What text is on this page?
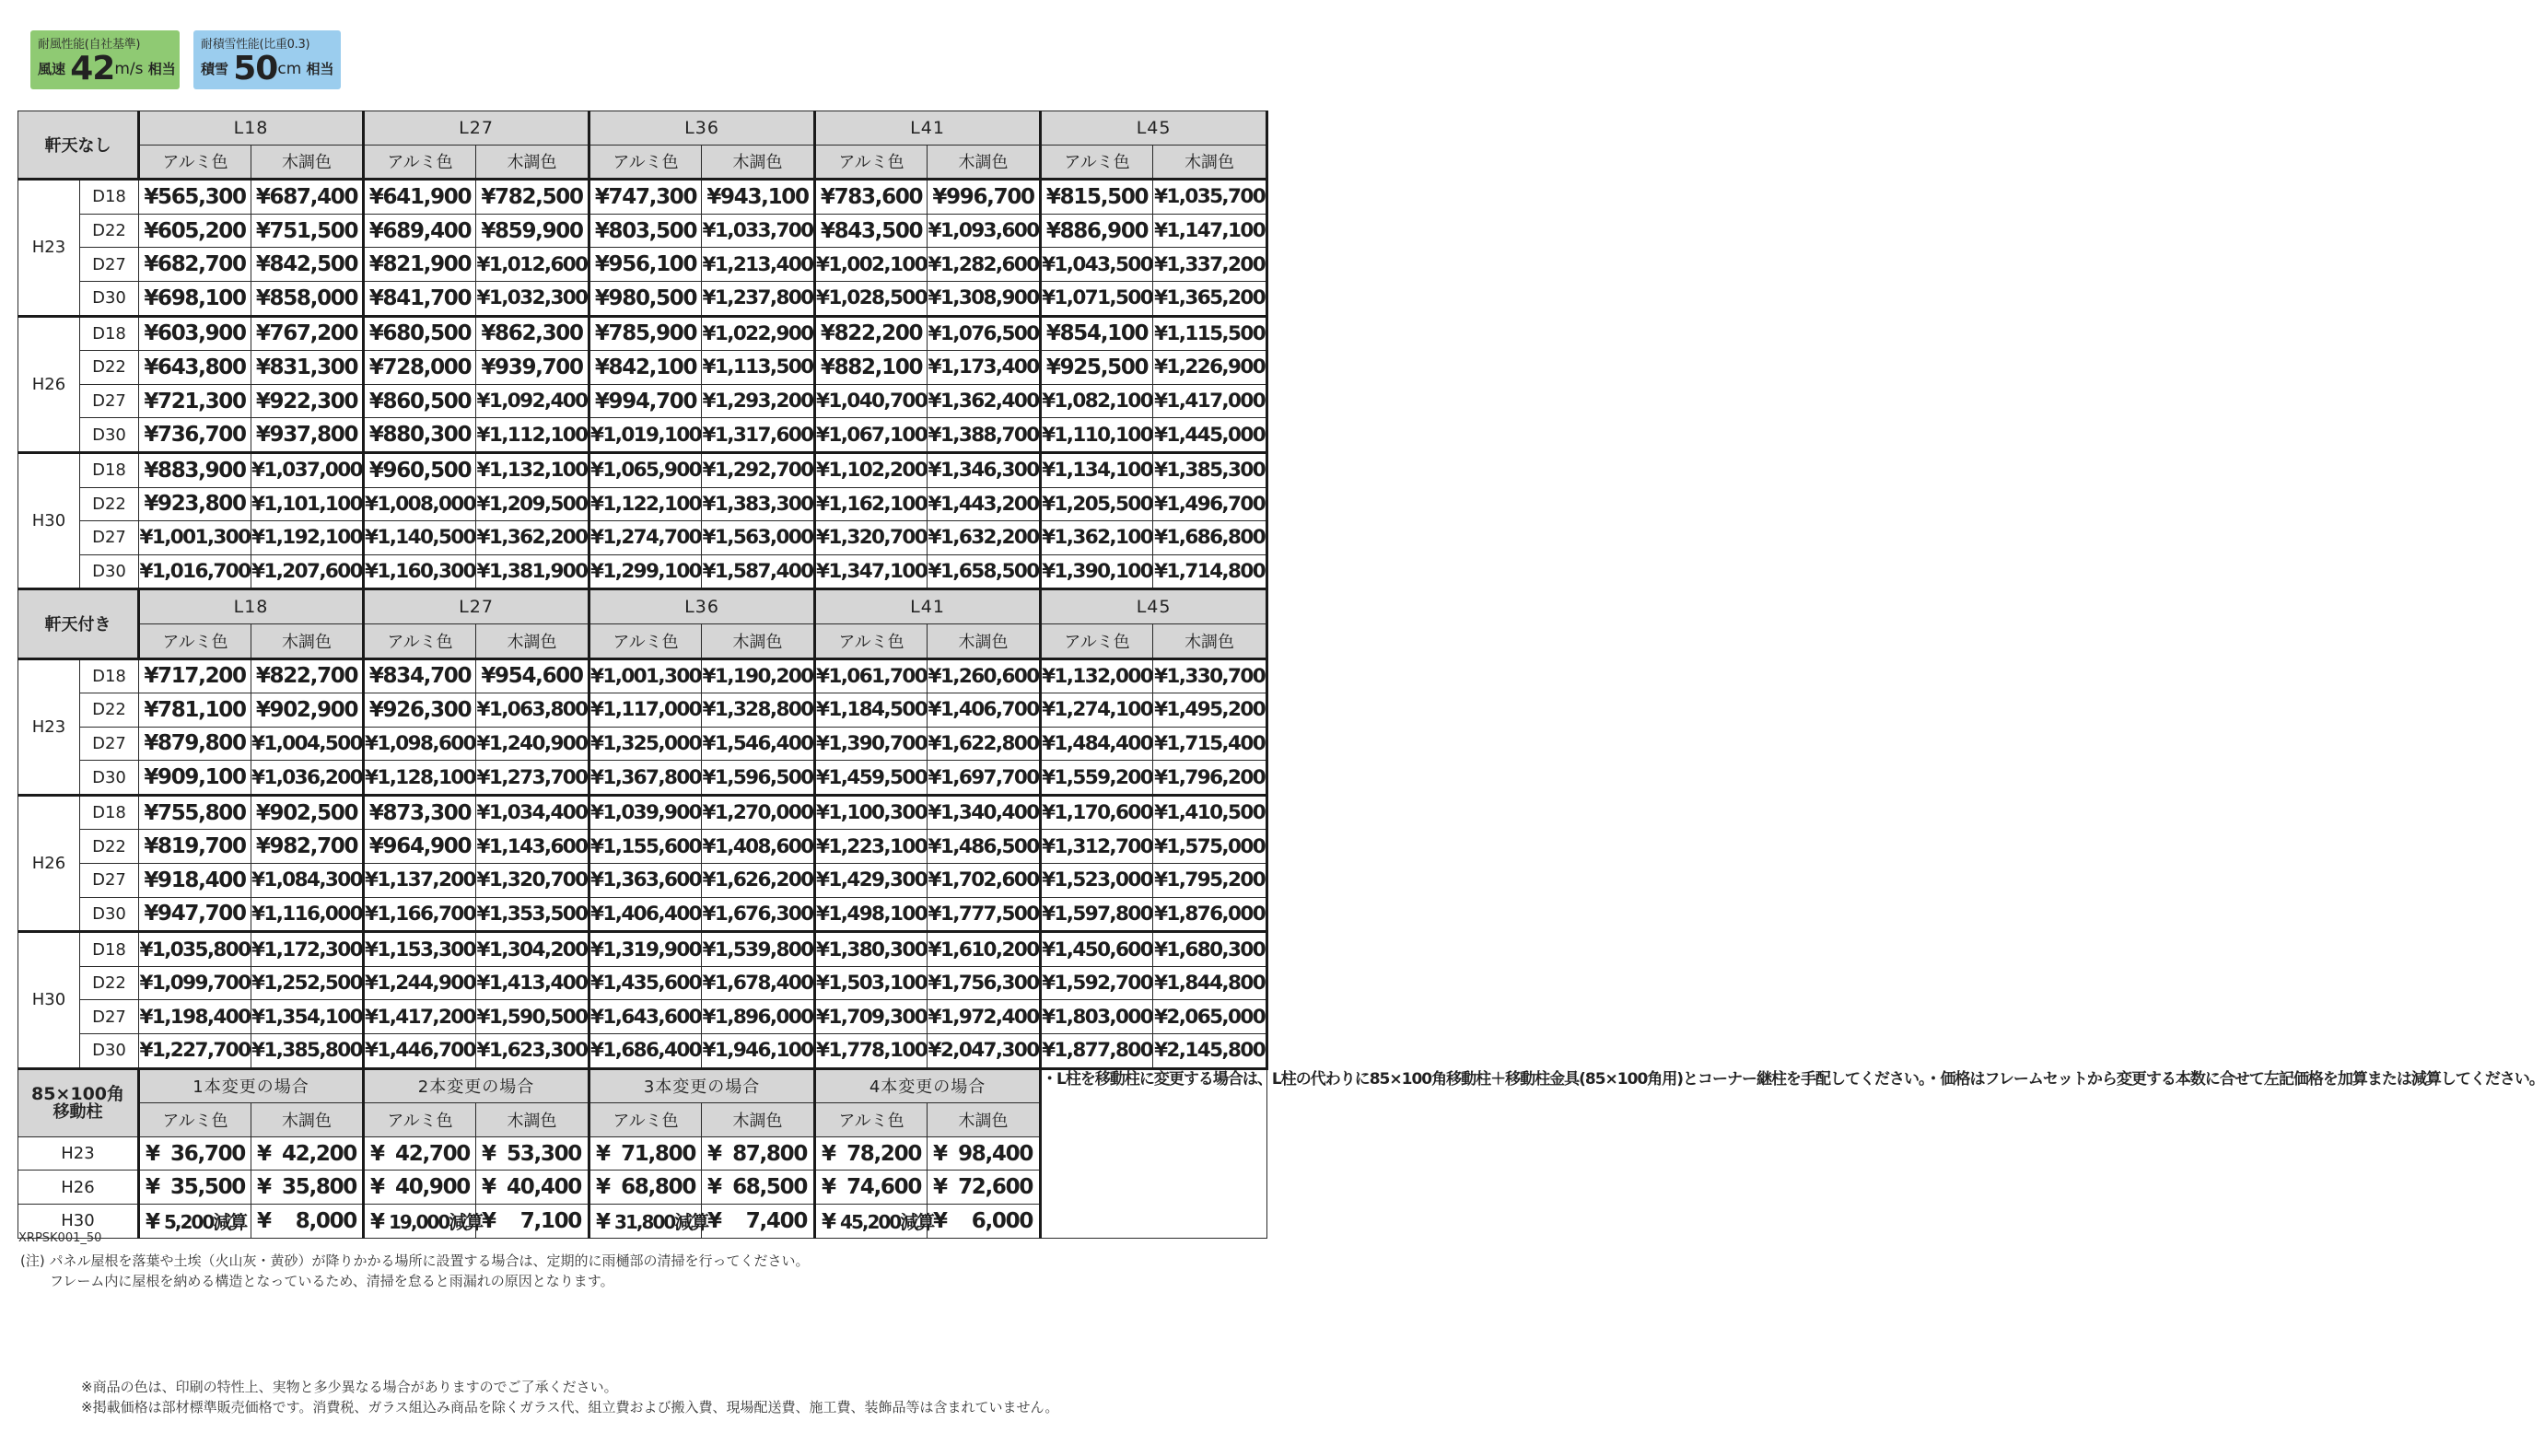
耐風性能(自社基準)
風速 42m/s 相当
耐積雪性能(比重0.3)
積雪 50cm 相当
軒天なし		L18		L27		L36		L41		L45	
		アルミ色	木調色	アルミ色	木調色	アルミ色	木調色	アルミ色	木調色	アルミ色	木調色
H23	D18	¥565,300	¥687,400	¥641,900	¥782,500	¥747,300	¥943,100	¥783,600	¥996,700	¥815,500	¥1,035,700
	D22	¥605,200	¥751,500	¥689,400	¥859,900	¥803,500	¥1,033,700	¥843,500	¥1,093,600	¥886,900	¥1,147,100
	D27	¥682,700	¥842,500	¥821,900	¥1,012,600	¥956,100	¥1,213,400	¥1,002,100	¥1,282,600	¥1,043,500	¥1,337,200
	D30	¥698,100	¥858,000	¥841,700	¥1,032,300	¥980,500	¥1,237,800	¥1,028,500	¥1,308,900	¥1,071,500	¥1,365,200
H26	D18	¥603,900	¥767,200	¥680,500	¥862,300	¥785,900	¥1,022,900	¥822,200	¥1,076,500	¥854,100	¥1,115,500
	D22	¥643,800	¥831,300	¥728,000	¥939,700	¥842,100	¥1,113,500	¥882,100	¥1,173,400	¥925,500	¥1,226,900
	D27	¥721,300	¥922,300	¥860,500	¥1,092,400	¥994,700	¥1,293,200	¥1,040,700	¥1,362,400	¥1,082,100	¥1,417,000
	D30	¥736,700	¥937,800	¥880,300	¥1,112,100	¥1,019,100	¥1,317,600	¥1,067,100	¥1,388,700	¥1,110,100	¥1,445,000
H30	D18	¥883,900	¥1,037,000	¥960,500	¥1,132,100	¥1,065,900	¥1,292,700	¥1,102,200	¥1,346,300	¥1,134,100	¥1,385,300
	D22	¥923,800	¥1,101,100	¥1,008,000	¥1,209,500	¥1,122,100	¥1,383,300	¥1,162,100	¥1,443,200	¥1,205,500	¥1,496,700
	D27	¥1,001,300	¥1,192,100	¥1,140,500	¥1,362,200	¥1,274,700	¥1,563,000	¥1,320,700	¥1,632,200	¥1,362,100	¥1,686,800
	D30	¥1,016,700	¥1,207,600	¥1,160,300	¥1,381,900	¥1,299,100	¥1,587,400	¥1,347,100	¥1,658,500	¥1,390,100	¥1,714,800
軒天付き		L18		L27		L36		L41		L45	
		アルミ色	木調色	アルミ色	木調色	アルミ色	木調色	アルミ色	木調色	アルミ色	木調色
H23	D18	¥717,200	¥822,700	¥834,700	¥954,600	¥1,001,300	¥1,190,200	¥1,061,700	¥1,260,600	¥1,132,000	¥1,330,700
	D22	¥781,100	¥902,900	¥926,300	¥1,063,800	¥1,117,000	¥1,328,800	¥1,184,500	¥1,406,700	¥1,274,100	¥1,495,200
	D27	¥879,800	¥1,004,500	¥1,098,600	¥1,240,900	¥1,325,000	¥1,546,400	¥1,390,700	¥1,622,800	¥1,484,400	¥1,715,400
	D30	¥909,100	¥1,036,200	¥1,128,100	¥1,273,700	¥1,367,800	¥1,596,500	¥1,459,500	¥1,697,700	¥1,559,200	¥1,796,200
H26	D18	¥755,800	¥902,500	¥873,300	¥1,034,400	¥1,039,900	¥1,270,000	¥1,100,300	¥1,340,400	¥1,170,600	¥1,410,500
	D22	¥819,700	¥982,700	¥964,900	¥1,143,600	¥1,155,600	¥1,408,600	¥1,223,100	¥1,486,500	¥1,312,700	¥1,575,000
	D27	¥918,400	¥1,084,300	¥1,137,200	¥1,320,700	¥1,363,600	¥1,626,200	¥1,429,300	¥1,702,600	¥1,523,000	¥1,795,200
	D30	¥947,700	¥1,116,000	¥1,166,700	¥1,353,500	¥1,406,400	¥1,676,300	¥1,498,100	¥1,777,500	¥1,597,800	¥1,876,000
H30	D18	¥1,035,800	¥1,172,300	¥1,153,300	¥1,304,200	¥1,319,900	¥1,539,800	¥1,380,300	¥1,610,200	¥1,450,600	¥1,680,300
	D22	¥1,099,700	¥1,252,500	¥1,244,900	¥1,413,400	¥1,435,600	¥1,678,400	¥1,503,100	¥1,756,300	¥1,592,700	¥1,844,800
	D27	¥1,198,400	¥1,354,100	¥1,417,200	¥1,590,500	¥1,643,600	¥1,896,000	¥1,709,300	¥1,972,400	¥1,803,000	¥2,065,000
	D30	¥1,227,700	¥1,385,800	¥1,446,700	¥1,623,300	¥1,686,400	¥1,946,100	¥1,778,100	¥2,047,300	¥1,877,800	¥2,145,800

85×100角
移動柱		1本変更の場合		2本変更の場合		3本変更の場合		4本変更の場合		・L柱を移動柱に変更する場合は、L柱の代わりに85×100角移動柱＋移動柱金具(85×100角用)とコーナー継柱を手配してください。・価格はフレームセットから変更する本数に合せて左記価格を加算または減算してください。	
		アルミ色	木調色	アルミ色	木調色	アルミ色	木調色	アルミ色	木調色		
H23		¥ 36,700	¥ 42,200	¥ 42,700	¥ 53,300	¥ 71,800	¥ 87,800	¥ 78,200	¥ 98,400		
H26		¥ 35,500	¥ 35,800	¥ 40,900	¥ 40,400	¥ 68,800	¥ 68,500	¥ 74,600	¥ 72,600		
H30		¥ 5,200減算	¥ 8,000	¥ 19,000減算	¥ 7,100	¥ 31,800減算	¥ 7,400	¥ 45,200減算	¥ 6,000		
XRPSK001_50
(注) パネル屋根を落葉や土埃（火山灰・黄砂）が降りかかる場所に設置する場合は、定期的に雨樋部の清掃を行ってください。
フレーム内に屋根を納める構造となっているため、清掃を怠ると雨漏れの原因となります。
※商品の色は、印刷の特性上、実物と多少異なる場合がありますのでご了承ください。
※掲載価格は部材標準販売価格です。消費税、ガラス組込み商品を除くガラス代、組立費および搬入費、現場配送費、施工費、装飾品等は含まれていません。
